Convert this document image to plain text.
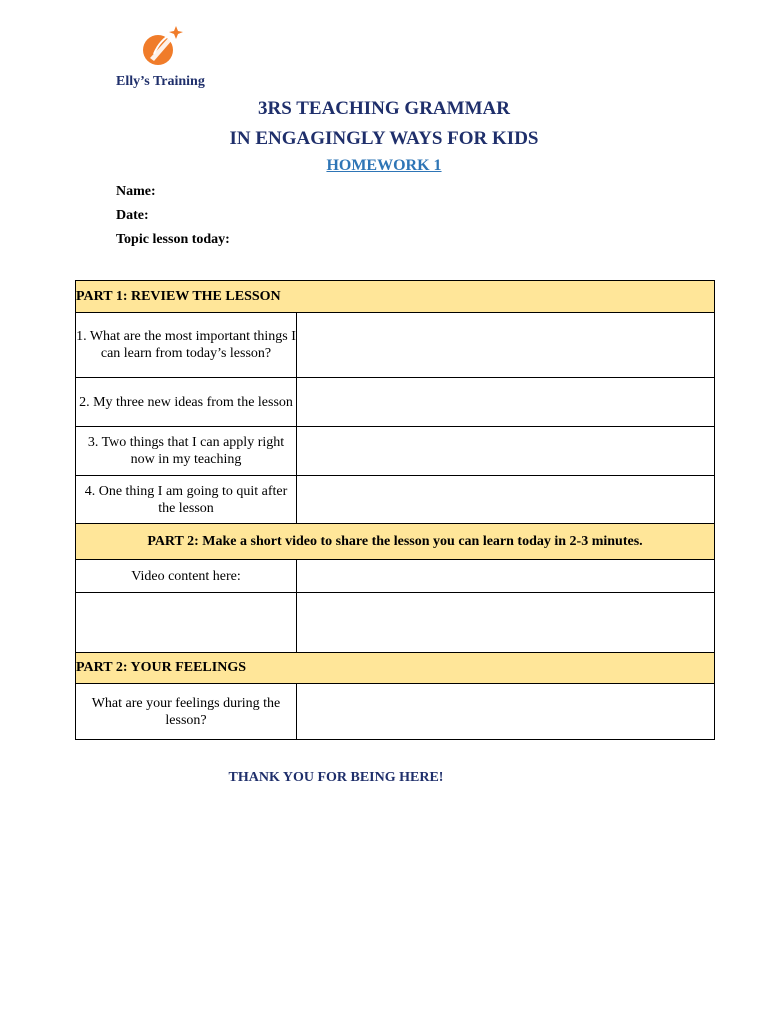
Elly’s Training
3RS TEACHING GRAMMAR
IN ENGAGINGLY WAYS FOR KIDS
HOMEWORK 1
Name:
Date:
Topic lesson today:
PART 1: REVIEW THE LESSON	
1. What are the most important things I can learn from today’s lesson?	
2. My three new ideas from the lesson	
3. Two things that I can apply right now in my teaching	
4. One thing I am going to quit after the lesson	
PART 2: Make a short video to share the lesson you can learn today in 2-3 minutes.	
Video content here:	

PART 2: YOUR FEELINGS	
What are your feelings during the lesson?	
THANK YOU FOR BEING HERE!
